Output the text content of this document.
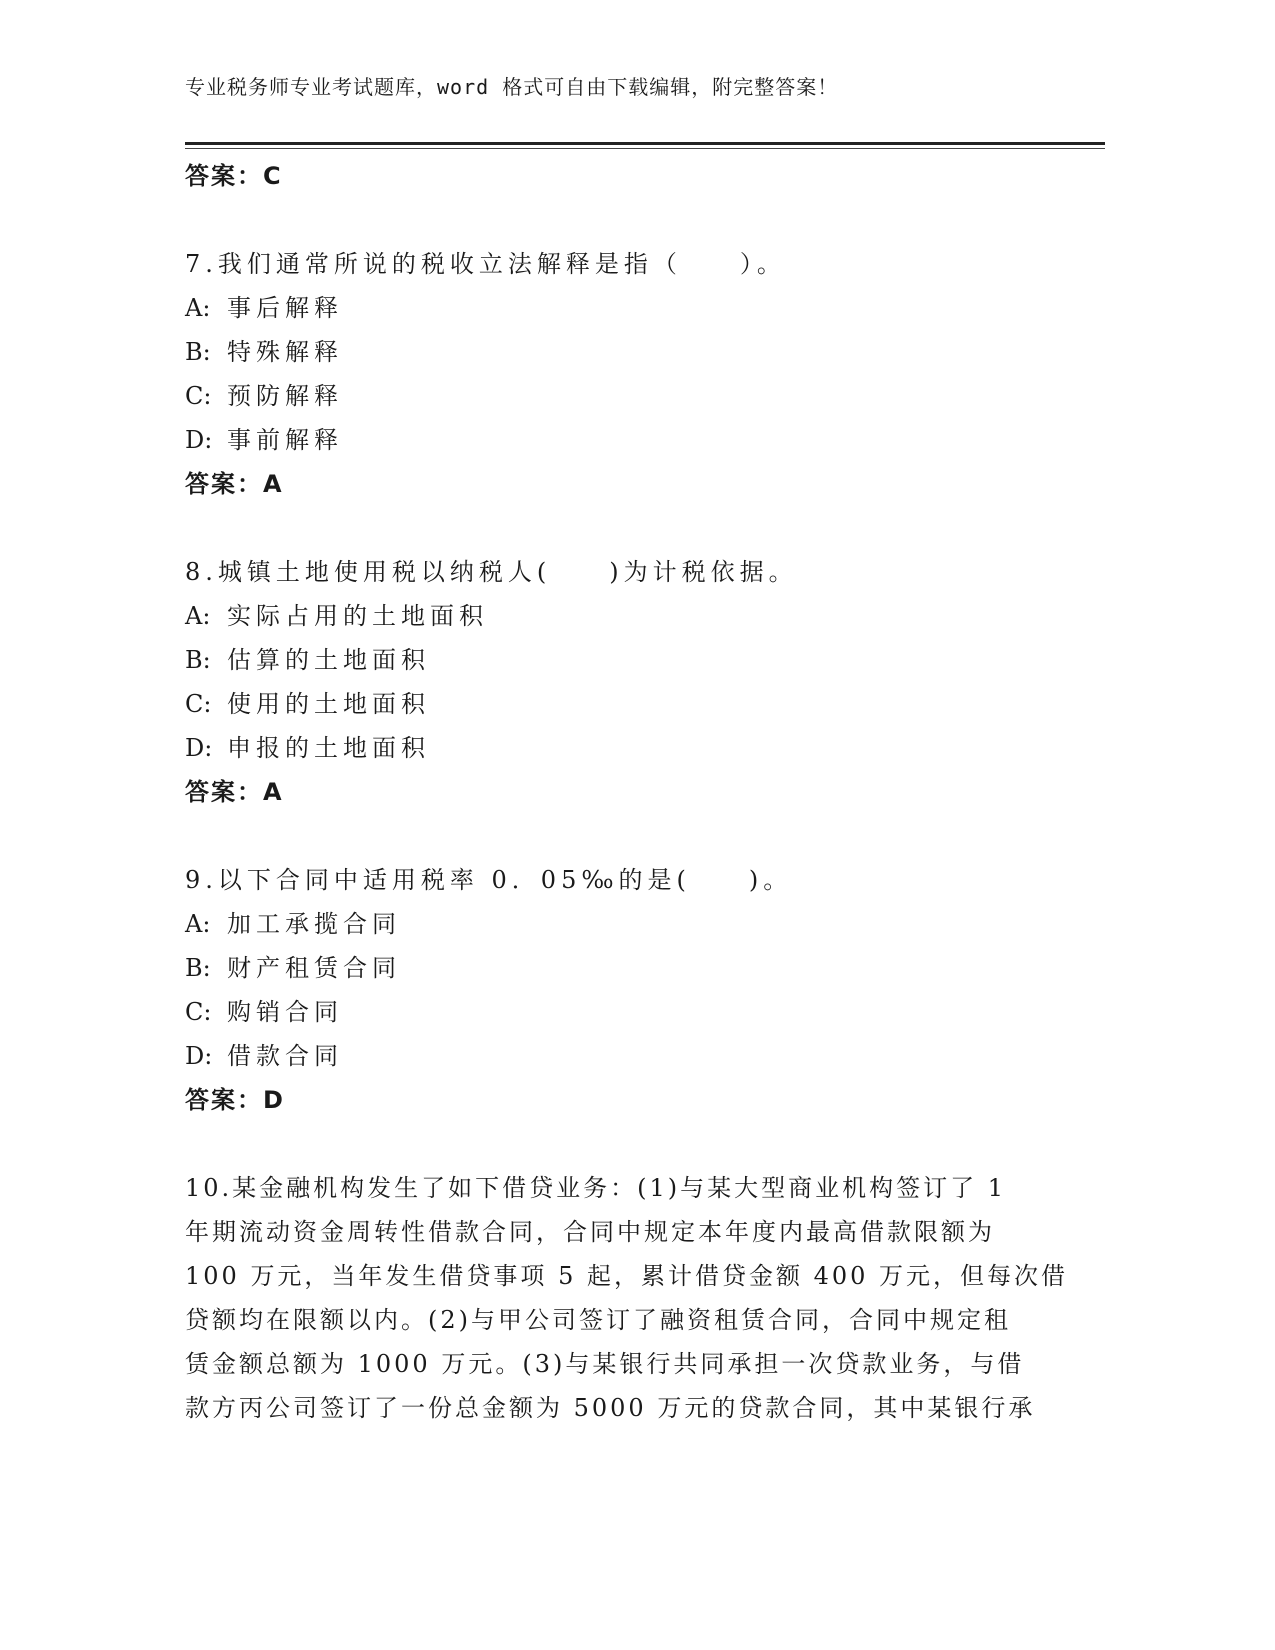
专业税务师专业考试题库，word 格式可自由下载编辑，附完整答案！
答案：C
7.我们通常所说的税收立法解释是指（　　）。
A: 事后解释
B: 特殊解释
C: 预防解释
D: 事前解释
答案：A
8.城镇土地使用税以纳税人(　　)为计税依据。
A: 实际占用的土地面积
B: 估算的土地面积
C: 使用的土地面积
D: 申报的土地面积
答案：A
9.以下合同中适用税率 0．05‰的是(　　)。
A: 加工承揽合同
B: 财产租赁合同
C: 购销合同
D: 借款合同
答案：D
10.某金融机构发生了如下借贷业务：(1)与某大型商业机构签订了 1
年期流动资金周转性借款合同，合同中规定本年度内最高借款限额为
100 万元，当年发生借贷事项 5 起，累计借贷金额 400 万元，但每次借
贷额均在限额以内。(2)与甲公司签订了融资租赁合同，合同中规定租
赁金额总额为 1000 万元。(3)与某银行共同承担一次贷款业务，与借
款方丙公司签订了一份总金额为 5000 万元的贷款合同，其中某银行承
